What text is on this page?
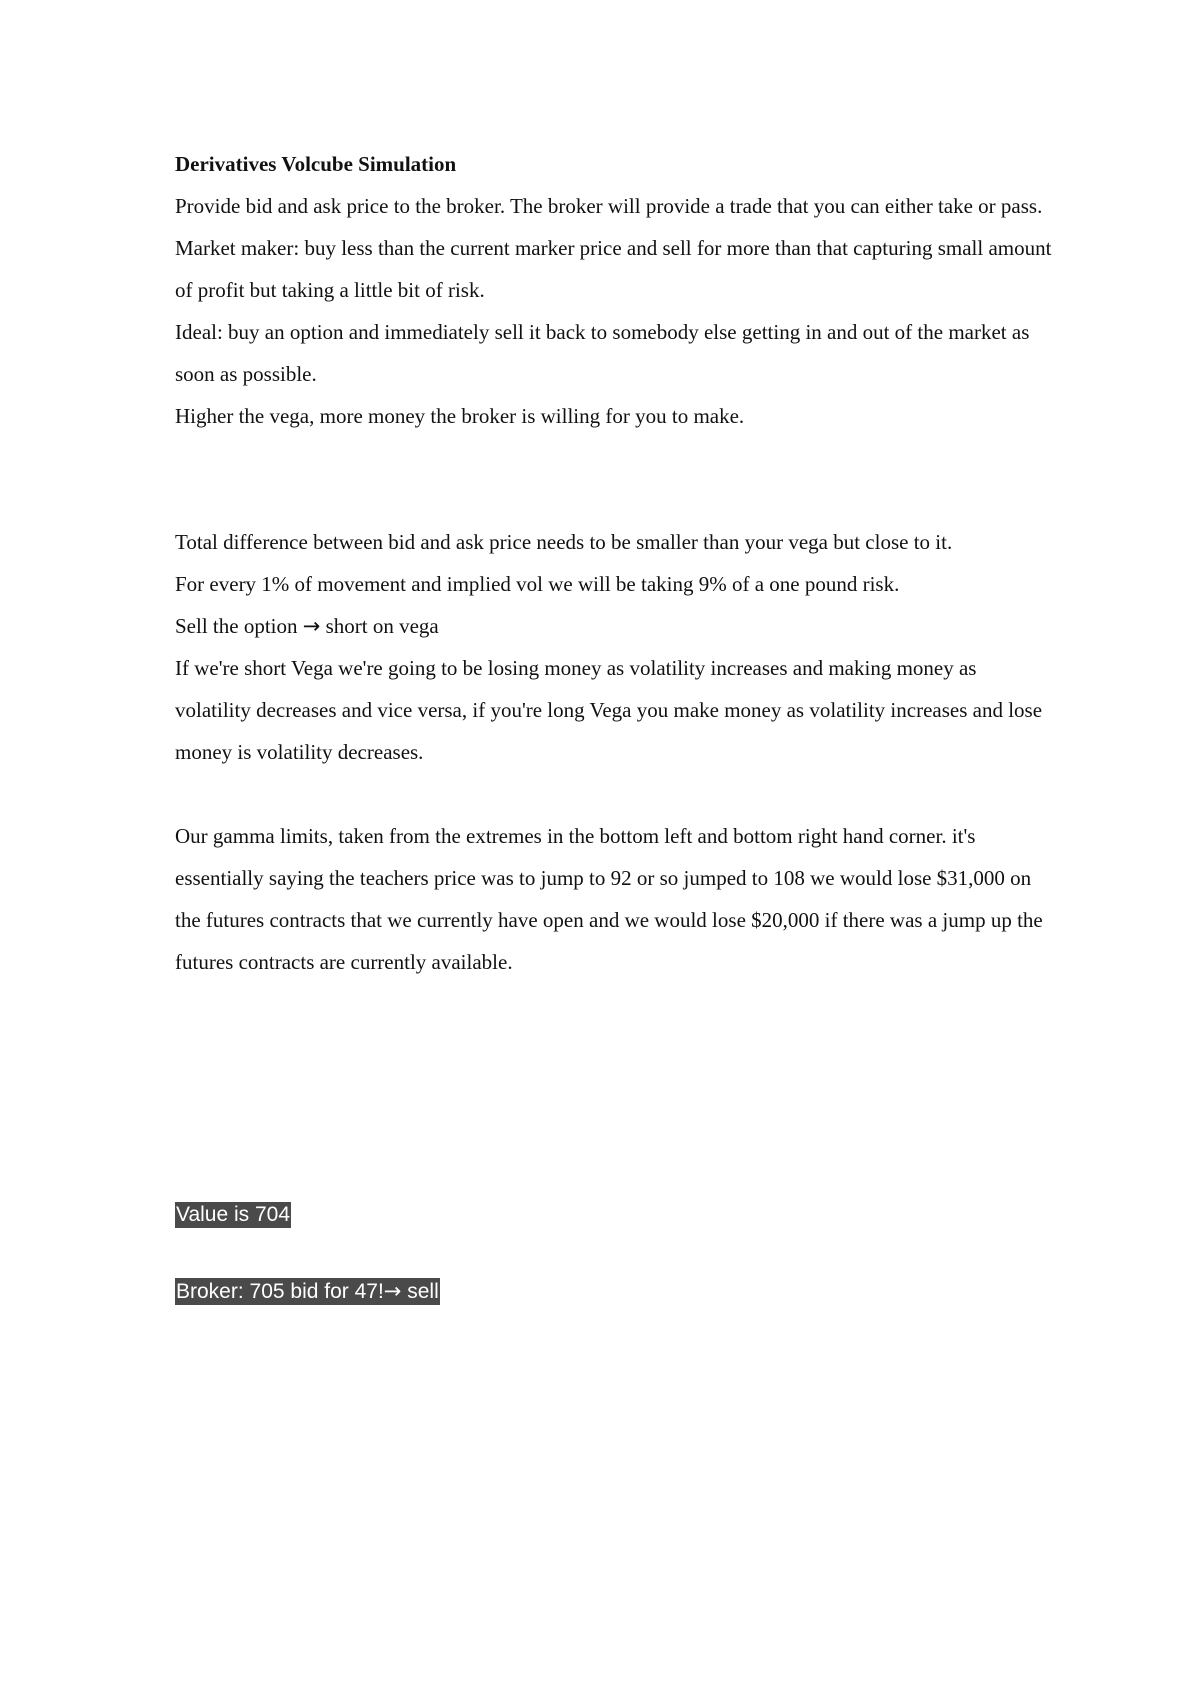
Derivatives Volcube Simulation

Provide bid and ask price to the broker. The broker will provide a trade that you can either take or pass.

Market maker: buy less than the current marker price and sell for more than that capturing small amount of profit but taking a little bit of risk.

Ideal: buy an option and immediately sell it back to somebody else getting in and out of the market as soon as possible.

Higher the vega, more money the broker is willing for you to make.

Total difference between bid and ask price needs to be smaller than your vega but close to it.

For every 1% of movement and implied vol we will be taking 9% of a one pound risk.

Sell the option → short on vega

If we're short Vega we're going to be losing money as volatility increases and making money as volatility decreases and vice versa, if you're long Vega you make money as volatility increases and lose money is volatility decreases.

Our gamma limits, taken from the extremes in the bottom left and bottom right hand corner. it's essentially saying the teachers price was to jump to 92 or so jumped to 108 we would lose $31,000 on the futures contracts that we currently have open and we would lose $20,000 if there was a jump up the futures contracts are currently available.

Value is 704

Broker: 705 bid for 47!→ sell
